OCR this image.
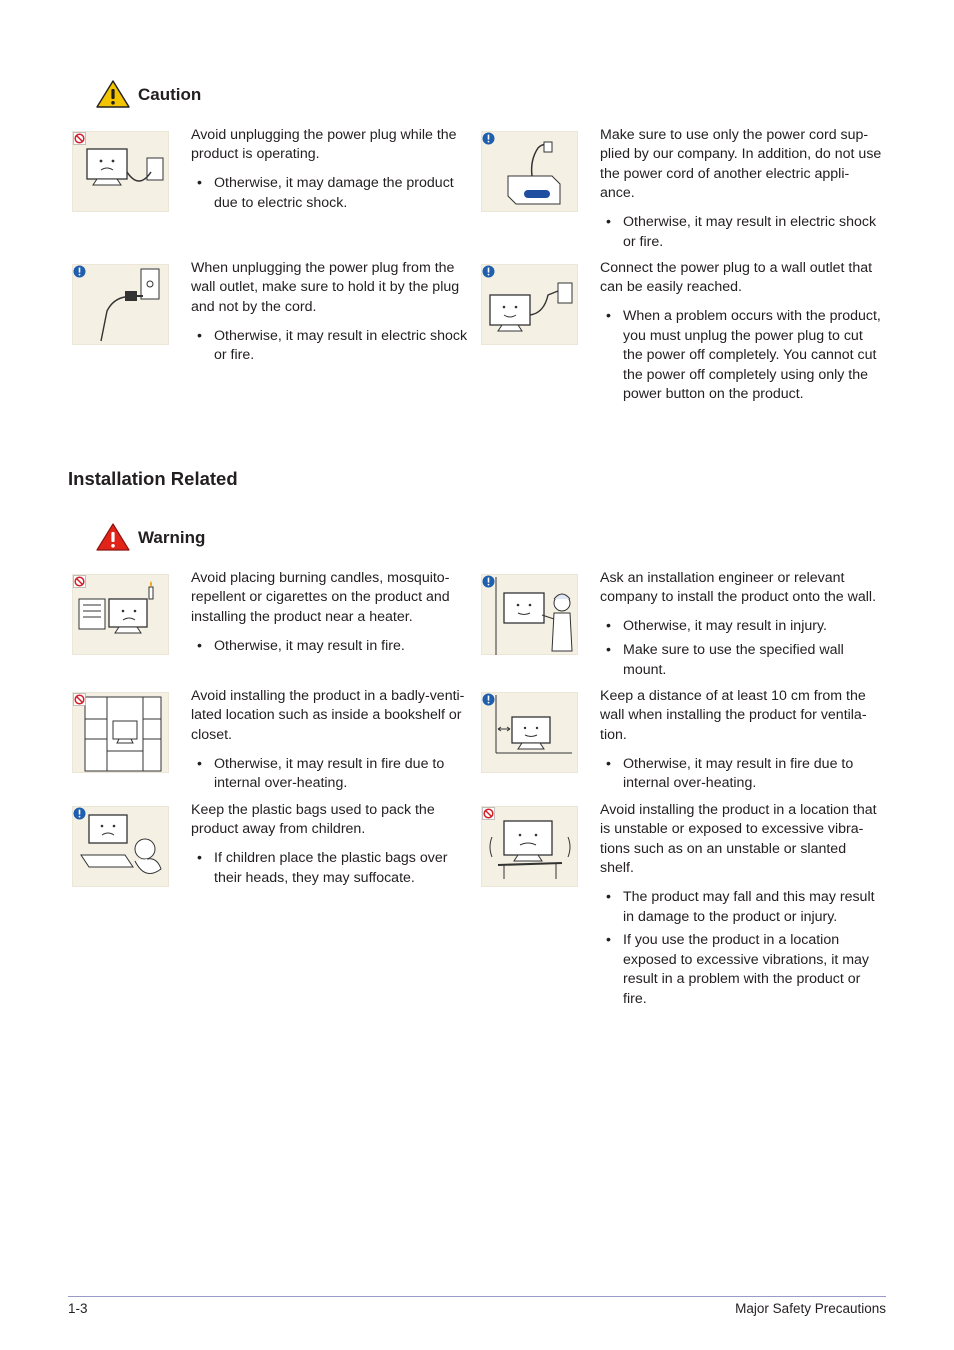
Caution

Avoid unplugging the power plug while the product is operating.

• Otherwise, it may damage the product due to electric shock.

Make sure to use only the power cord sup-plied by our company. In addition, do not use the power cord of another electric appli-ance.

• Otherwise, it may result in electric shock or fire.

When unplugging the power plug from the wall outlet, make sure to hold it by the plug and not by the cord.

• Otherwise, it may result in electric shock or fire.

Connect the power plug to a wall outlet that can be easily reached.

• When a problem occurs with the product, you must unplug the power plug to cut the power off completely. You cannot cut the power off completely using only the power button on the product.
Installation Related
Warning

Avoid placing burning candles, mosquito-repellent or cigarettes on the product and installing the product near a heater.

• Otherwise, it may result in fire.

Ask an installation engineer or relevant company to install the product onto the wall.

• Otherwise, it may result in injury.
• Make sure to use the specified wall mount.

Avoid installing the product in a badly-venti-lated location such as inside a bookshelf or closet.

• Otherwise, it may result in fire due to internal over-heating.

Keep a distance of at least 10 cm from the wall when installing the product for ventila-tion.

• Otherwise, it may result in fire due to internal over-heating.

Keep the plastic bags used to pack the product away from children.

• If children place the plastic bags over their heads, they may suffocate.

Avoid installing the product in a location that is unstable or exposed to excessive vibra-tions such as on an unstable or slanted shelf.

• The product may fall and this may result in damage to the product or injury.
• If you use the product in a location exposed to excessive vibrations, it may result in a problem with the product or fire.
1-3	Major Safety Precautions
